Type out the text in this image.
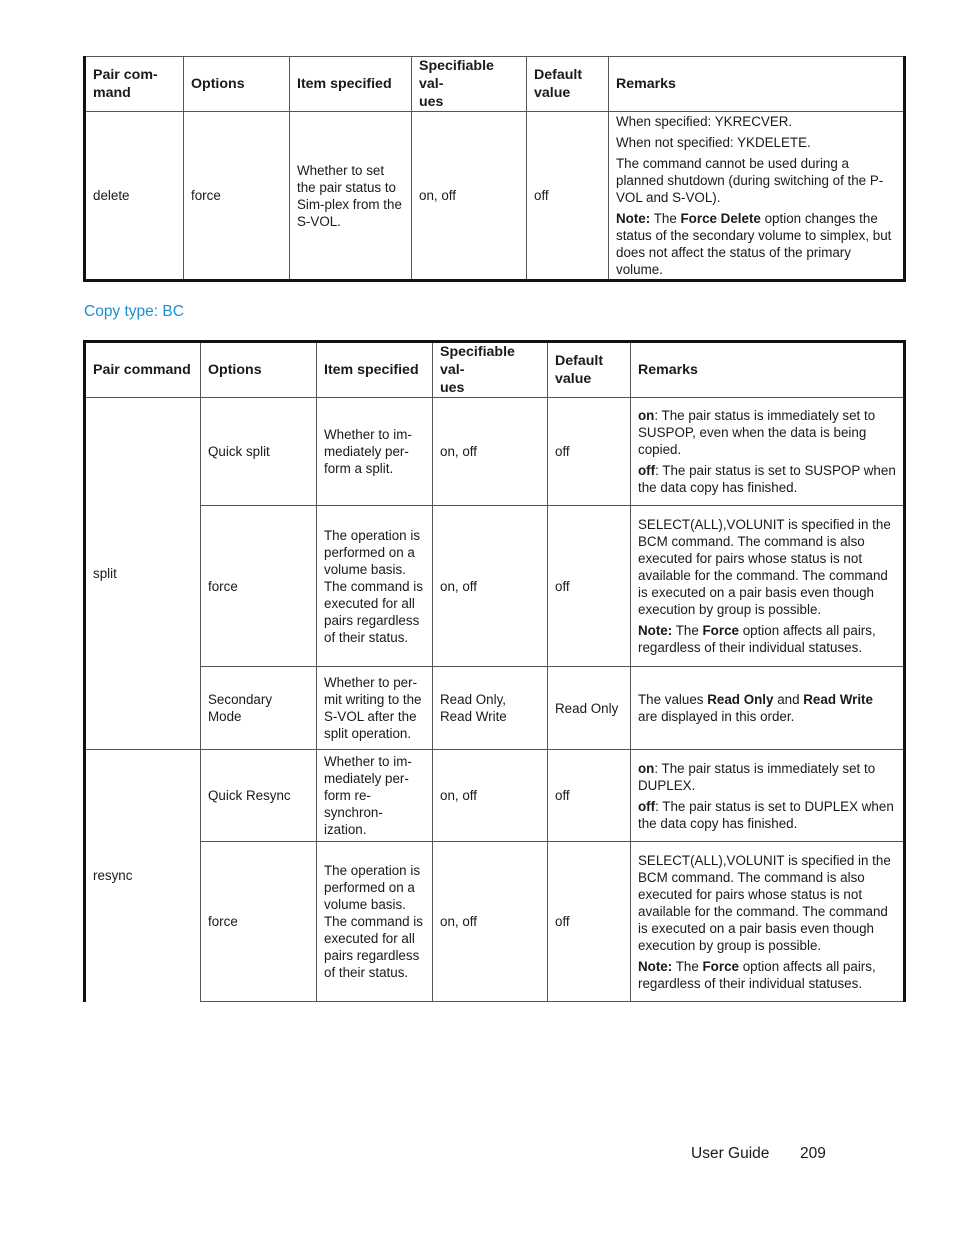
Pair com-
mand	Options	Item specified	Specifiable val-
ues	Default
value	Remarks
delete	force	Whether to set the pair status to Sim-plex from the S-VOL.	on, off	off	When specified: YKRECVER.

When not specified: YKDELETE.

The command cannot be used during a planned shutdown (during switching of the P-VOL and S-VOL).

Note: The Force Delete option changes the status of the secondary volume to simplex, but does not affect the status of the primary volume.

Copy type: BC
Pair command	Options	Item specified	Specifiable val-
ues	Default
value	Remarks
split	Quick split	Whether to im-mediately per-form a split.	on, off	off	on: The pair status is immediately set to SUSPOP, even when the data is being copied.

off: The pair status is set to SUSPOP when the data copy has finished.

	force	The operation is performed on a volume basis. The command is executed for all pairs regardless of their status.	on, off	off	SELECT(ALL),VOLUNIT is specified in the BCM command. The command is also executed for pairs whose status is not available for the command. The command is executed on a pair basis even though execution by group is possible.

Note: The Force option affects all pairs, regardless of their individual statuses.

	Secondary Mode	Whether to per-mit writing to the S-VOL after the split operation.	Read Only, Read Write	Read Only	The values Read Only and Read Write are displayed in this order.

resync	Quick Resync	Whether to im-mediately per-form re-synchron-ization.	on, off	off	on: The pair status is immediately set to DUPLEX.

off: The pair status is set to DUPLEX when the data copy has finished.

	force	The operation is performed on a volume basis. The command is executed for all pairs regardless of their status.	on, off	off	SELECT(ALL),VOLUNIT is specified in the BCM command. The command is also executed for pairs whose status is not available for the command. The command is executed on a pair basis even though execution by group is possible.

Note: The Force option affects all pairs, regardless of their individual statuses.

User Guide 209
